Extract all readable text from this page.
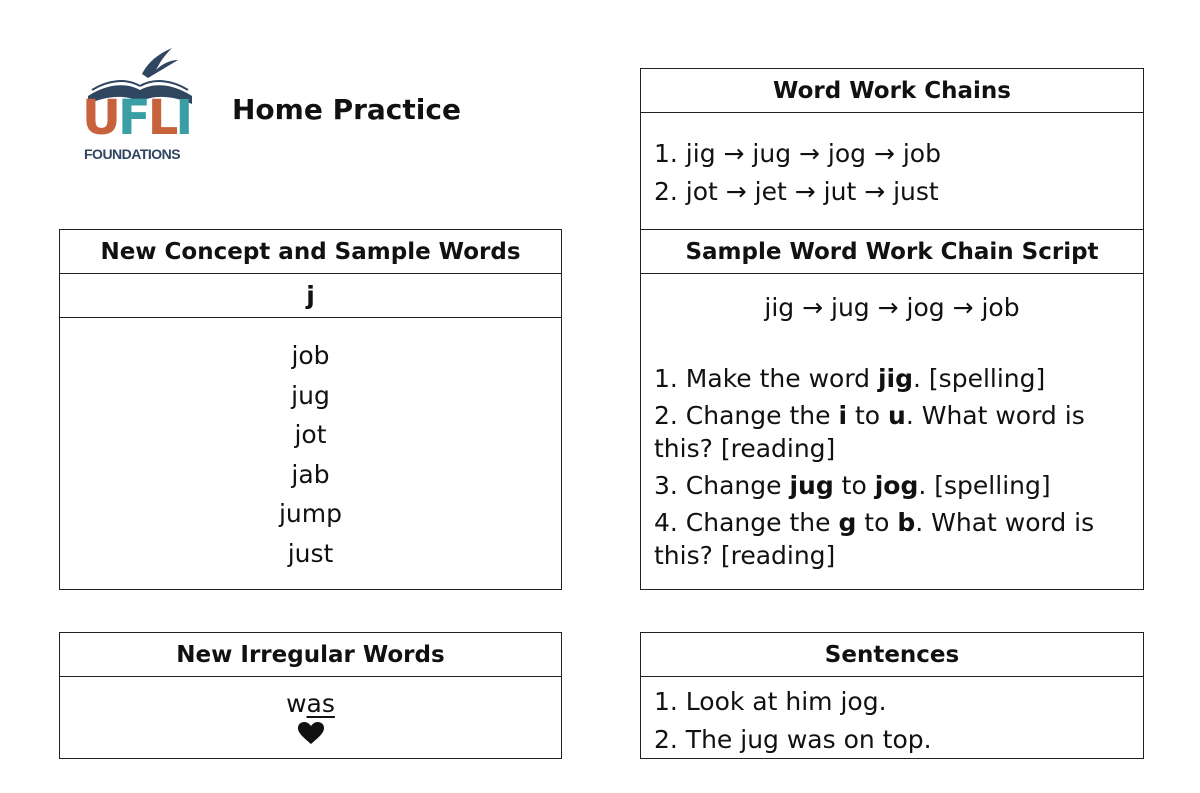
UFLI
FOUNDATIONS
Home Practice
Word Work Chains
1. jig → jug → jog → job
2. jot → jet → jut → just
New Concept and Sample Words
j
job
jug
jot
jab
jump
just
Sample Word Work Chain Script
jig → jug → jog → job
1. Make the word jig. [spelling]
2. Change the i to u. What word is this? [reading]
3. Change jug to jog. [spelling]
4. Change the g to b. What word is this? [reading]
New Irregular Words
was
Sentences
1. Look at him jog.
2. The jug was on top.
